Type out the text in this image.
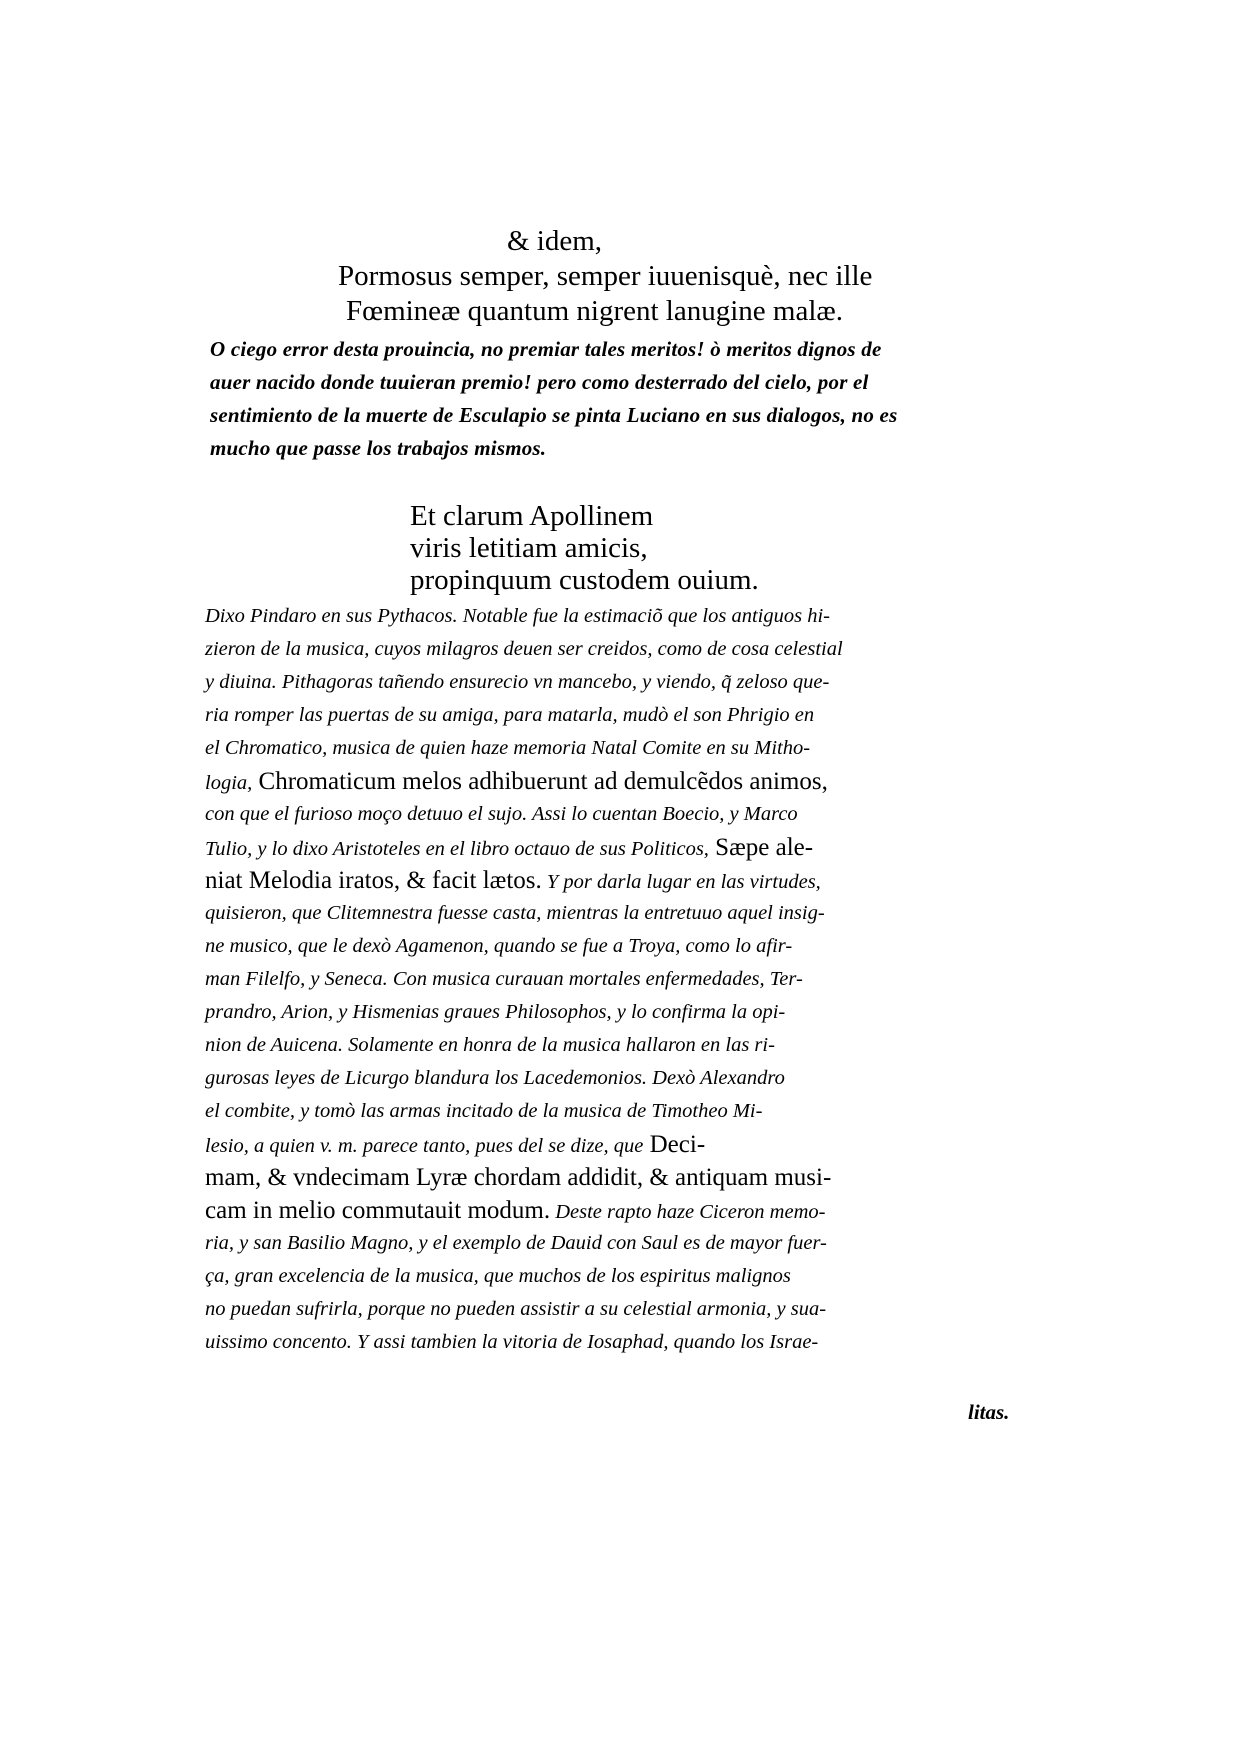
& idem,
Pormosus semper, semper iuuenisquè, nec ille
Fœmineæ quantum nigrent lanugine malæ.
O ciego error desta prouincia, no premiar tales meritos! ò meritos dignos de
auer nacido donde tuuieran premio! pero como desterrado del cielo, por el
sentimiento de la muerte de Esculapio se pinta Luciano en sus dialogos, no es
mucho que passe los trabajos mismos.
Et clarum Apollinem
viris letitiam amicis,
propinquum custodem ouium.
Dixo Pindaro en sus Pythacos. Notable fue la estimaciõ que los antiguos hi-
zieron de la musica, cuyos milagros deuen ser creidos, como de cosa celestial
y diuina. Pithagoras tañendo ensurecio vn mancebo, y viendo, q̃ zeloso que-
ria romper las puertas de su amiga, para matarla, mudò el son Phrigio en
el Chromatico, musica de quien haze memoria Natal Comite en su Mitho-
logia, Chromaticum melos adhibuerunt ad demulcẽdos animos,
con que el furioso moço detuuo el sujo. Assi lo cuentan Boecio, y Marco
Tulio, y lo dixo Aristoteles en el libro octauo de sus Politicos, Sæpe ale-
niat Melodia iratos, & facit lætos. Y por darla lugar en las virtudes,
quisieron, que Clitemnestra fuesse casta, mientras la entretuuo aquel insig-
ne musico, que le dexò Agamenon, quando se fue a Troya, como lo afir-
man Filelfo, y Seneca. Con musica curauan mortales enfermedades, Ter-
prandro, Arion, y Hismenias graues Philosophos, y lo confirma la opi-
nion de Auicena. Solamente en honra de la musica hallaron en las ri-
gurosas leyes de Licurgo blandura los Lacedemonios. Dexò Alexandro
el combite, y tomò las armas incitado de la musica de Timotheo Mi-
lesio, a quien v. m. parece tanto, pues del se dize, que Deci-
mam, & vndecimam Lyræ chordam addidit, & antiquam musi-
cam in melio commutauit modum. Deste rapto haze Ciceron memo-
ria, y san Basilio Magno, y el exemplo de Dauid con Saul es de mayor fuer-
ça, gran excelencia de la musica, que muchos de los espiritus malignos
no puedan sufrirla, porque no pueden assistir a su celestial armonia, y sua-
uissimo concento. Y assi tambien la vitoria de Iosaphad, quando los Israe-
litas.
